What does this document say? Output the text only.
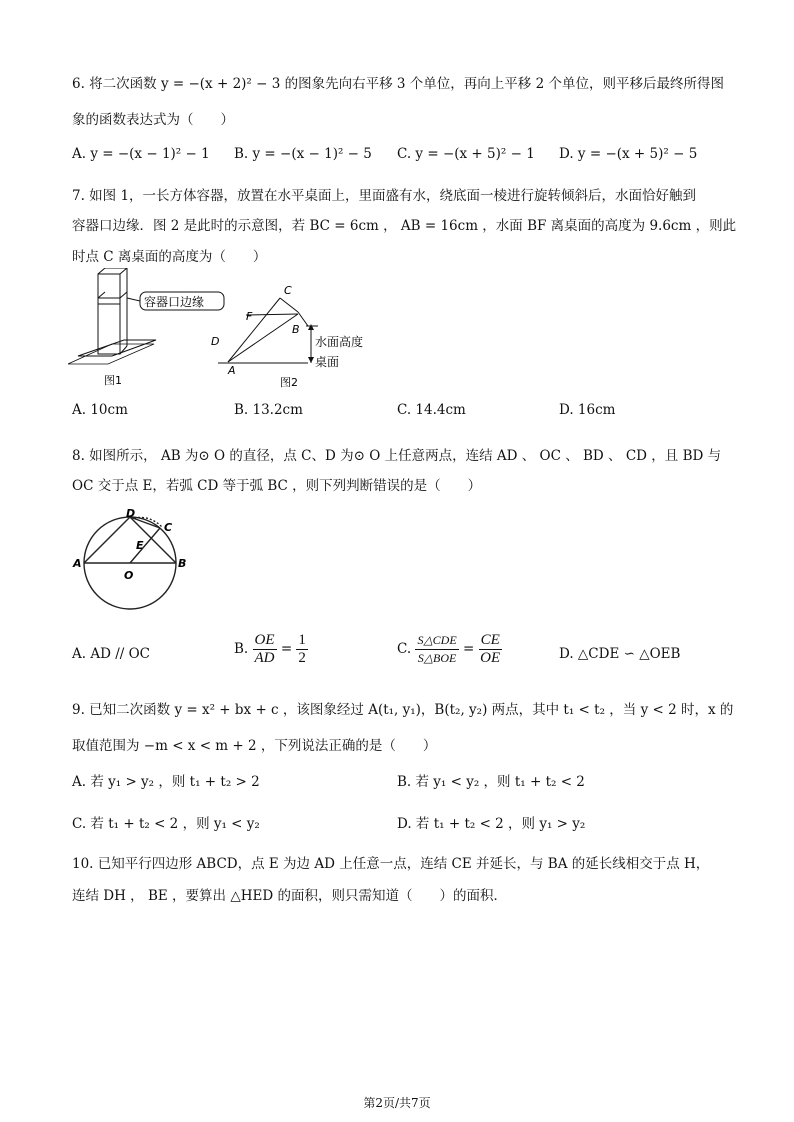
6. 将二次函数 y = −(x + 2)² − 3 的图象先向右平移 3 个单位，再向上平移 2 个单位，则平移后最终所得图
象的函数表达式为（　　）
A. y = −(x − 1)² − 1 B. y = −(x − 1)² − 5 C. y = −(x + 5)² − 1 D. y = −(x + 5)² − 5
7. 如图 1，一长方体容器，放置在水平桌面上，里面盛有水，绕底面一棱进行旋转倾斜后，水面恰好触到
容器口边缘．图 2 是此时的示意图，若 BC = 6cm ， AB = 16cm ，水面 BF 离桌面的高度为 9.6cm ，则此
时点 C 离桌面的高度为（　　）
容器口边缘
图1
C
F
B
D
A
水面高度
桌面
图2
A. 10cm	B. 13.2cm	C. 14.4cm	D. 16cm
8. 如图所示， AB 为⊙ O 的直径，点 C、D 为⊙ O 上任意两点，连结 AD 、 OC 、 BD 、 CD ，且 BD 与
OC 交于点 E，若弧 CD 等于弧 BC ，则下列判断错误的是（　　）
D
C
E
A
O
B
A. AD // OC	B. $\frac{OE}{AD} = \frac{1}{2}$	C. $\frac{\text{S△CDE}}{\text{S△BOE}} = \frac{CE}{OE}$	D. △CDE ∽ △OEB
9. 已知二次函数 y = x² + bx + c ，该图象经过 A(t₁, y₁)，B(t₂, y₂) 两点，其中 t₁ < t₂ ，当 y < 2 时，x 的
取值范围为 −m < x < m + 2 ，下列说法正确的是（　　）
A. 若 y₁ > y₂ ，则 t₁ + t₂ > 2	B. 若 y₁ < y₂ ，则 t₁ + t₂ < 2
C. 若 t₁ + t₂ < 2 ，则 y₁ < y₂	D. 若 t₁ + t₂ < 2 ，则 y₁ > y₂
10. 已知平行四边形 ABCD，点 E 为边 AD 上任意一点，连结 CE 并延长，与 BA 的延长线相交于点 H，
连结 DH ， BE ，要算出 △HED 的面积，则只需知道（　　）的面积．
第2页/共7页
